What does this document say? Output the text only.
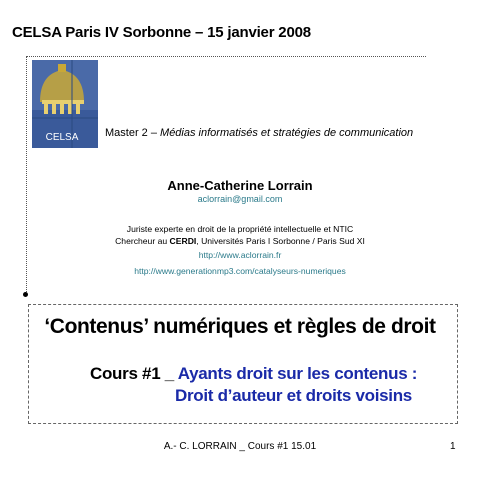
CELSA Paris IV Sorbonne – 15 janvier 2008
CELSA Master 2 – Médias informatisés et stratégies de communication
Anne-Catherine Lorrain
aclorrain@gmail.com
Juriste experte en droit de la propriété intellectuelle et NTIC
Chercheur au CERDI, Universités Paris I Sorbonne / Paris Sud XI
http://www.aclorrain.fr
http://www.generationmp3.com/catalyseurs-numeriques
‘Contenus’ numériques et règles de droit
Cours #1 _ Ayants droit sur les contenus :
Droit d’auteur et droits voisins
A.- C. LORRAIN _ Cours #1 15.01	1
